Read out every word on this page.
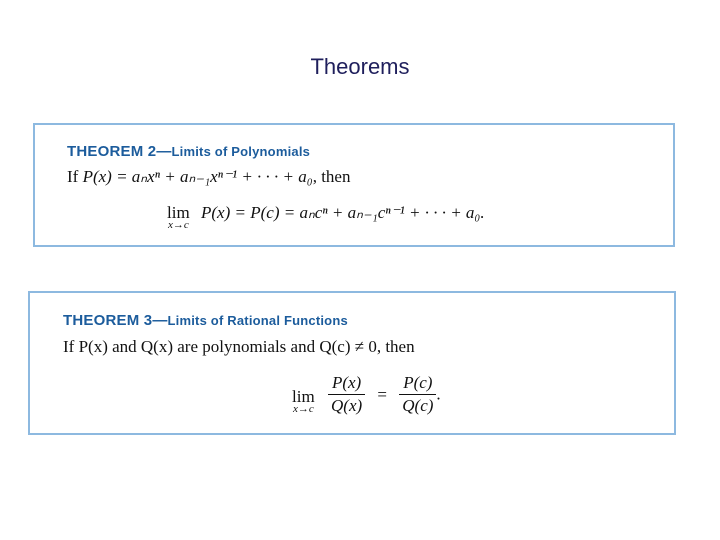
Theorems
THEOREM 2—Limits of Polynomials
If P(x) = aₙxⁿ + aₙ₋₁xⁿ⁻¹ + · · · + a₀, then
lim
x→c
P(x) = P(c) = aₙcⁿ + aₙ₋₁cⁿ⁻¹ + · · · + a₀.
THEOREM 3—Limits of Rational Functions
If P(x) and Q(x) are polynomials and Q(c) ≠ 0, then
lim
$x\to c \frac{P(x)}{Q(x)} = \frac{P(c)}{Q(c)}$ .
